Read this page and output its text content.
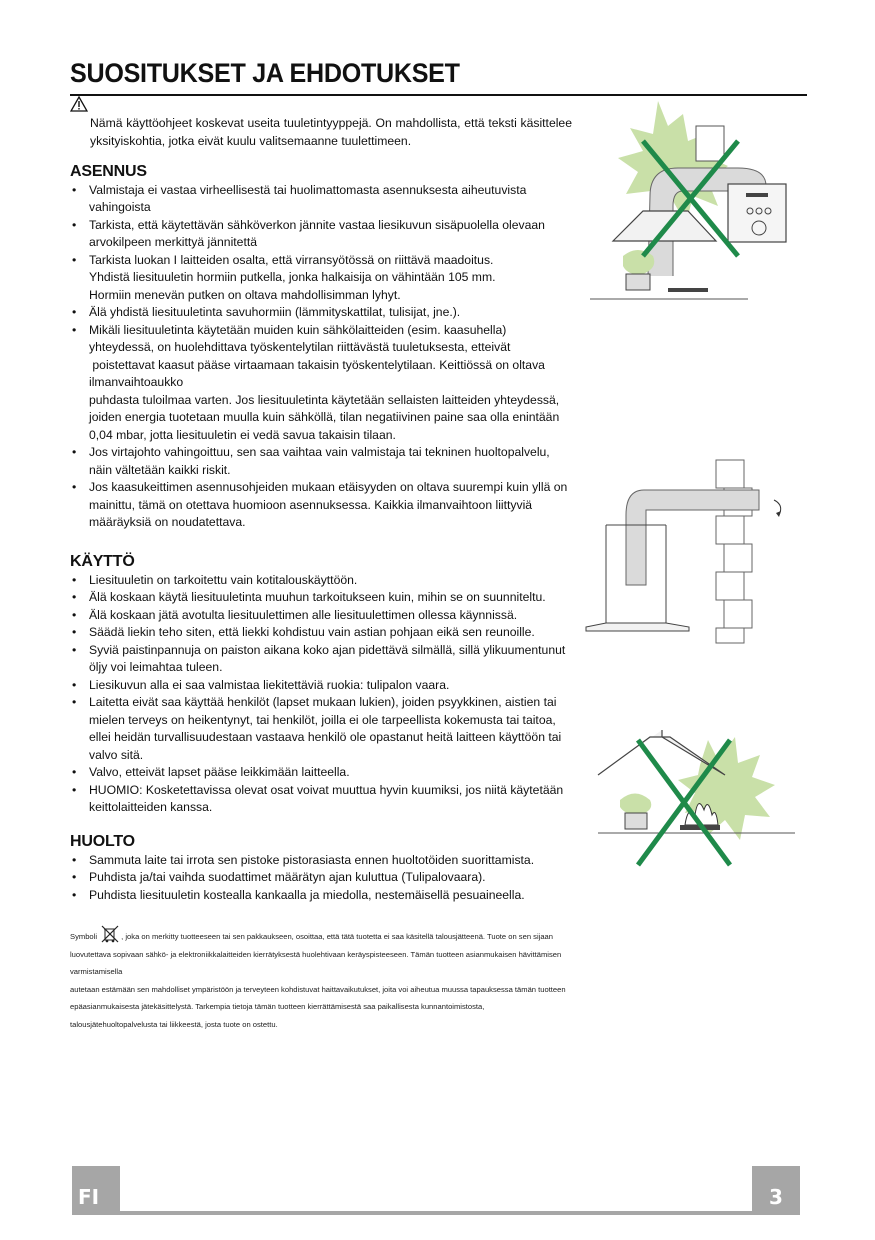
SUOSITUKSET JA EHDOTUKSET
Nämä käyttöohjeet koskevat useita tuuletintyyppejä. On mahdollista, että teksti käsittelee yksityiskohtia, jotka eivät kuulu valitsemaanne tuulettimeen.
ASENNUS
• Valmistaja ei vastaa virheellisestä tai huolimattomasta asennuksesta aiheutuvista vahingoista
• Tarkista, että käytettävän sähköverkon jännite vastaa liesikuvun sisäpuolella olevaan arvokilpeen merkittyä jännitettä
• Tarkista luokan I laitteiden osalta, että virransyötössä on riittävä maadoitus.
Yhdistä liesituuletin hormiin putkella, jonka halkaisija on vähintään 105 mm.
Hormiin menevän putken on oltava mahdollisimman lyhyt.
• Älä yhdistä liesituuletinta savuhormiin (lämmityskattilat, tulisijat, jne.).
• Mikäli liesituuletinta käytetään muiden kuin sähkölaitteiden (esim. kaasuhella) yhteydessä, on huolehdittava työskentelytilan riittävästä tuuletuksesta, etteivät
poistettavat kaasut pääse virtaamaan takaisin työskentelytilaan. Keittiössä on oltava ilmanvaihtoaukko
puhdasta tuloilmaa varten. Jos liesituuletinta käytetään sellaisten laitteiden yhteydessä, joiden energia tuotetaan muulla kuin sähköllä, tilan negatiivinen paine saa olla enintään 0,04 mbar, jotta liesituuletin ei vedä savua takaisin tilaan.
• Jos virtajohto vahingoittuu, sen saa vaihtaa vain valmistaja tai tekninen huoltopalvelu, näin vältetään kaikki riskit.
• Jos kaasukeittimen asennusohjeiden mukaan etäisyyden on oltava suurempi kuin yllä on mainittu, tämä on otettava huomioon asennuksessa. Kaikkia ilmanvaihtoon liittyviä määräyksiä on noudatettava.
KÄYTTÖ
• Liesituuletin on tarkoitettu vain kotitalouskäyttöön.
• Älä koskaan käytä liesituuletinta muuhun tarkoitukseen kuin, mihin se on suunniteltu.
• Älä koskaan jätä avotulta liesituulettimen alle liesituulettimen ollessa käynnissä.
• Säädä liekin teho siten, että liekki kohdistuu vain astian pohjaan eikä sen reunoille.
• Syviä paistinpannuja on paiston aikana koko ajan pidettävä silmällä, sillä ylikuumentunut öljy voi leimahtaa tuleen.
• Liesikuvun alla ei saa valmistaa liekitettäviä ruokia: tulipalon vaara.
• Laitetta eivät saa käyttää henkilöt (lapset mukaan lukien), joiden psyykkinen, aistien tai mielen terveys on heikentynyt, tai henkilöt, joilla ei ole tarpeellista kokemusta tai taitoa, ellei heidän turvallisuudestaan vastaava henkilö ole opastanut heitä laitteen käyttöön tai valvo sitä.
• Valvo, etteivät lapset pääse leikkimään laitteella.
• HUOMIO: Kosketettavissa olevat osat voivat muuttua hyvin kuumiksi, jos niitä käytetään keittolaitteiden kanssa.
HUOLTO
• Sammuta laite tai irrota sen pistoke pistorasiasta ennen huoltotöiden suorittamista.
• Puhdista ja/tai vaihda suodattimet määrätyn ajan kuluttua (Tulipalovaara).
• Puhdista liesituuletin kostealla kankaalla ja miedolla, nestemäisellä pesuaineella.
Symboli	, joka on merkitty tuotteeseen tai sen pakkaukseen, osoittaa, että tätä tuotetta ei saa käsitellä talousjätteenä. Tuote on sen sijaan luovutettava sopivaan sähkö- ja elektroniikkalaitteiden kierrätyksestä huolehtivaan keräyspisteeseen. Tämän tuotteen asianmukaisen hävittämisen varmistamisella
autetaan estämään sen mahdolliset ympäristöön ja terveyteen kohdistuvat haittavaikutukset, joita voi aiheutua muussa tapauksessa tämän tuotteen epäasianmukaisesta jätekäsittelystä. Tarkempia tietoja tämän tuotteen kierrättämisestä saa paikallisesta kunnantoimistosta, talousjätehuoltopalvelusta tai liikkeestä, josta tuote on ostettu.
FI	3
